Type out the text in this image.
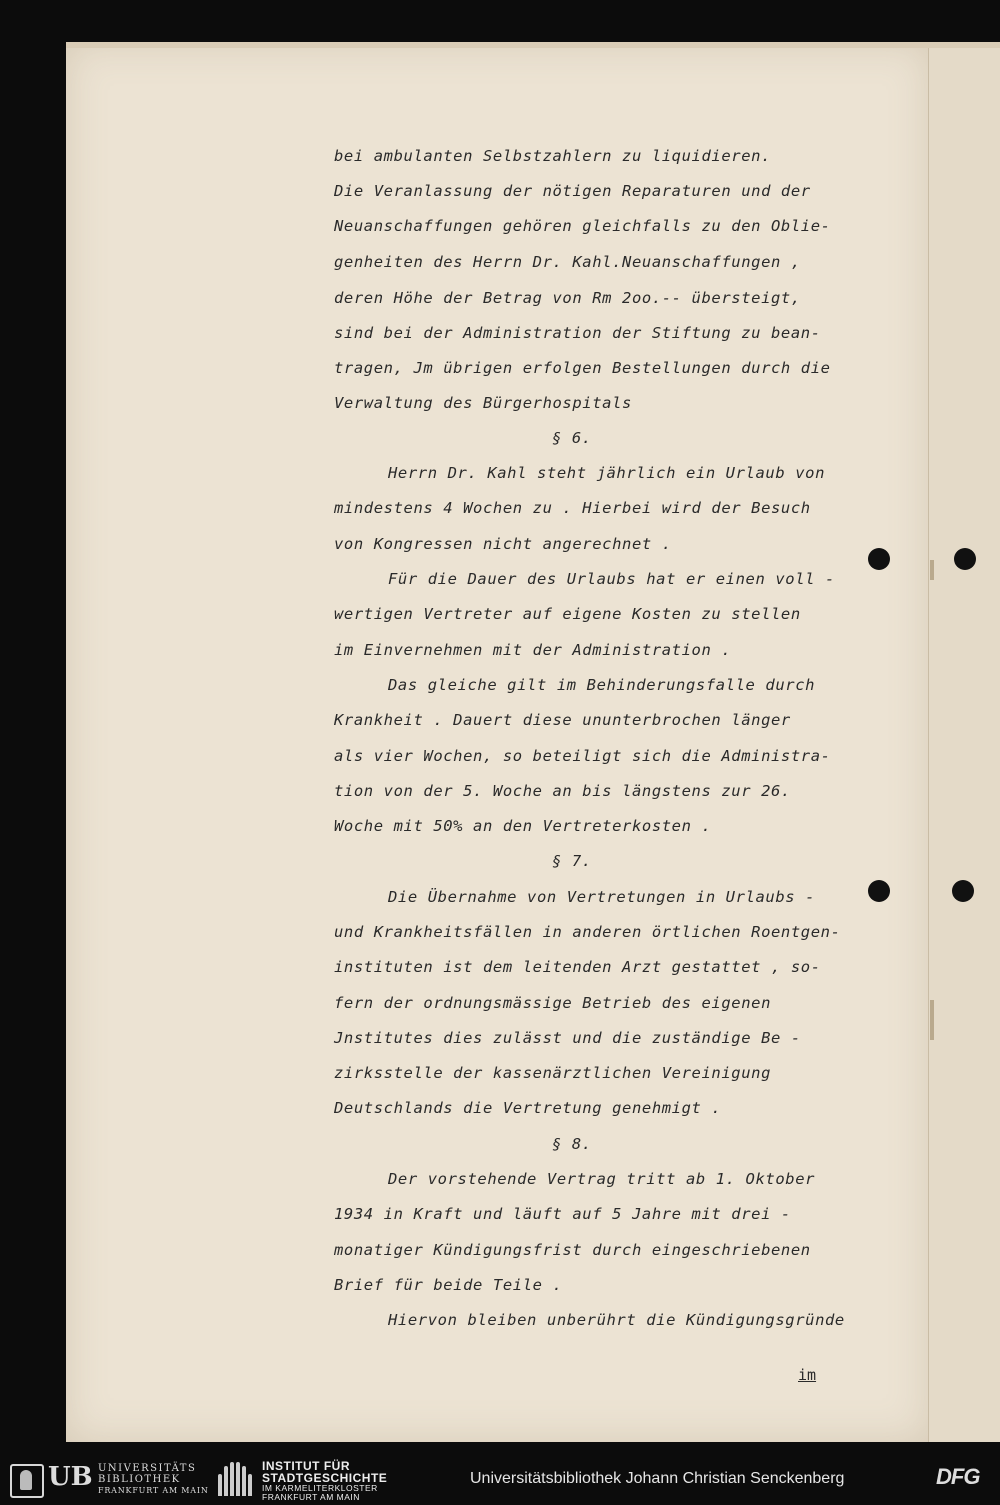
bei ambulanten Selbstzahlern zu liquidieren.
Die Veranlassung der nötigen Reparaturen und der
Neuanschaffungen gehören gleichfalls zu den Oblie-
genheiten des Herrn Dr. Kahl.Neuanschaffungen ,
deren Höhe der Betrag von Rm 2oo.-- übersteigt,
sind bei der Administration der Stiftung zu bean-
tragen, Jm übrigen erfolgen Bestellungen durch die
Verwaltung des Bürgerhospitals
§ 6.
Herrn Dr. Kahl steht jährlich ein Urlaub von
mindestens 4 Wochen zu . Hierbei wird der Besuch
von Kongressen nicht angerechnet .
Für die Dauer des Urlaubs hat er einen voll -
wertigen Vertreter auf eigene Kosten zu stellen
im Einvernehmen mit der Administration .
Das gleiche gilt im Behinderungsfalle durch
Krankheit . Dauert diese ununterbrochen länger
als vier Wochen, so beteiligt sich die Administra-
tion von der 5. Woche an bis längstens zur 26.
Woche mit 50% an den Vertreterkosten .
§ 7.
Die Übernahme von Vertretungen in Urlaubs -
und Krankheitsfällen in anderen örtlichen Roentgen-
instituten ist dem leitenden Arzt gestattet , so-
fern der ordnungsmässige Betrieb des eigenen
Jnstitutes dies zulässt und die zuständige Be -
zirksstelle der kassenärztlichen Vereinigung
Deutschlands die Vertretung genehmigt .
§ 8.
Der vorstehende Vertrag tritt ab 1. Oktober
1934 in Kraft und läuft auf 5 Jahre mit drei -
monatiger Kündigungsfrist durch eingeschriebenen
Brief für beide Teile .
Hiervon bleiben unberührt die Kündigungsgründe
im
UB UNIVERSITÄTS
BIBLIOTHEK
FRANKFURT AM MAIN
INSTITUT FÜR
STADTGESCHICHTE
IM KARMELITERKLOSTER
FRANKFURT AM MAIN
Universitätsbibliothek Johann Christian Senckenberg	DFG
